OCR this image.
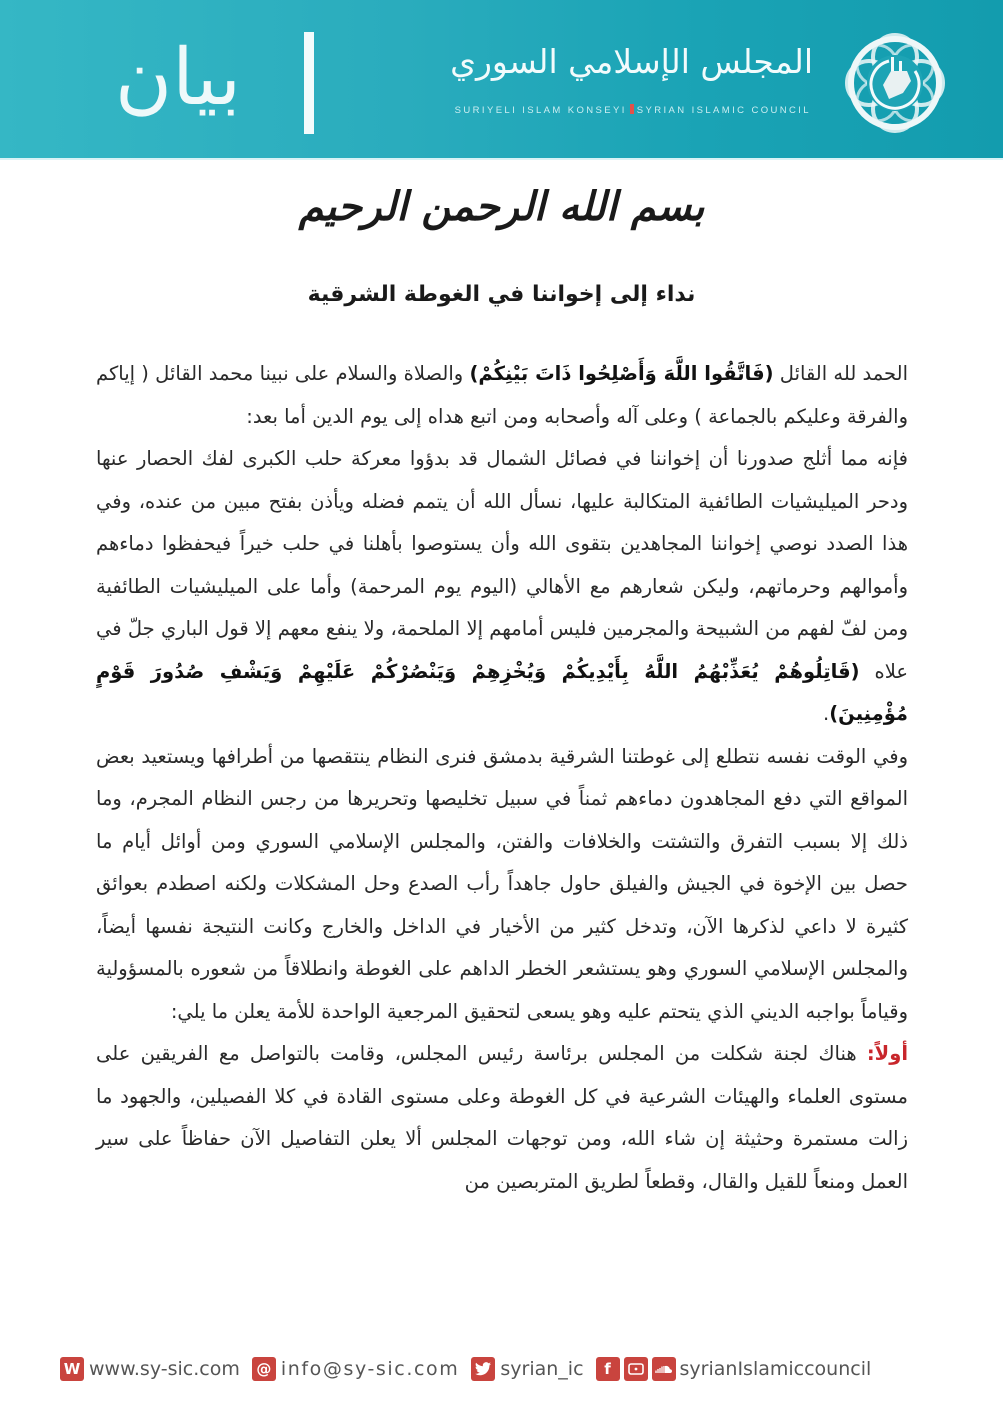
المجلس الإسلامي السوري
SURIYELI ISLAM KONSEYI SYRIAN ISLAMIC COUNCIL
بيان
بسم الله الرحمن الرحيم
نداء إلى إخواننا في الغوطة الشرقية

الحمد لله القائل (فَاتَّقُوا اللَّهَ وَأَصْلِحُوا ذَاتَ بَيْنِكُمْ) والصلاة والسلام على نبينا محمد القائل ( إياكم والفرقة وعليكم بالجماعة ) وعلى آله وأصحابه ومن اتبع هداه إلى يوم الدين أما بعد:

فإنه مما أثلج صدورنا أن إخواننا في فصائل الشمال قد بدؤوا معركة حلب الكبرى لفك الحصار عنها ودحر الميليشيات الطائفية المتكالبة عليها، نسأل الله أن يتمم فضله ويأذن بفتح مبين من عنده، وفي هذا الصدد نوصي إخواننا المجاهدين بتقوى الله وأن يستوصوا بأهلنا في حلب خيراً فيحفظوا دماءهم وأموالهم وحرماتهم، وليكن شعارهم مع الأهالي (اليوم يوم المرحمة) وأما على الميليشيات الطائفية ومن لفّ لفهم من الشبيحة والمجرمين فليس أمامهم إلا الملحمة، ولا ينفع معهم إلا قول الباري جلّ في علاه (قَاتِلُوهُمْ يُعَذِّبْهُمُ اللَّهُ بِأَيْدِيكُمْ وَيُخْزِهِمْ وَيَنْصُرْكُمْ عَلَيْهِمْ وَيَشْفِ صُدُورَ قَوْمٍ مُؤْمِنِينَ).

وفي الوقت نفسه نتطلع إلى غوطتنا الشرقية بدمشق فنرى النظام ينتقصها من أطرافها ويستعيد بعض المواقع التي دفع المجاهدون دماءهم ثمناً في سبيل تخليصها وتحريرها من رجس النظام المجرم، وما ذلك إلا بسبب التفرق والتشتت والخلافات والفتن، والمجلس الإسلامي السوري ومن أوائل أيام ما حصل بين الإخوة في الجيش والفيلق حاول جاهداً رأب الصدع وحل المشكلات ولكنه اصطدم بعوائق كثيرة لا داعي لذكرها الآن، وتدخل كثير من الأخيار في الداخل والخارج وكانت النتيجة نفسها أيضاً، والمجلس الإسلامي السوري وهو يستشعر الخطر الداهم على الغوطة وانطلاقاً من شعوره بالمسؤولية وقياماً بواجبه الديني الذي يتحتم عليه وهو يسعى لتحقيق المرجعية الواحدة للأمة يعلن ما يلي:

أولاً: هناك لجنة شكلت من المجلس برئاسة رئيس المجلس، وقامت بالتواصل مع الفريقين على مستوى العلماء والهيئات الشرعية في كل الغوطة وعلى مستوى القادة في كلا الفصيلين، والجهود ما زالت مستمرة وحثيثة إن شاء الله، ومن توجهات المجلس ألا يعلن التفاصيل الآن حفاظاً على سير العمل ومنعاً للقيل والقال، وقطعاً لطريق المتربصين من

W www.sy-sic.com	@ info@sy-sic.com syrian_ic	f	syrianIslamiccouncil
